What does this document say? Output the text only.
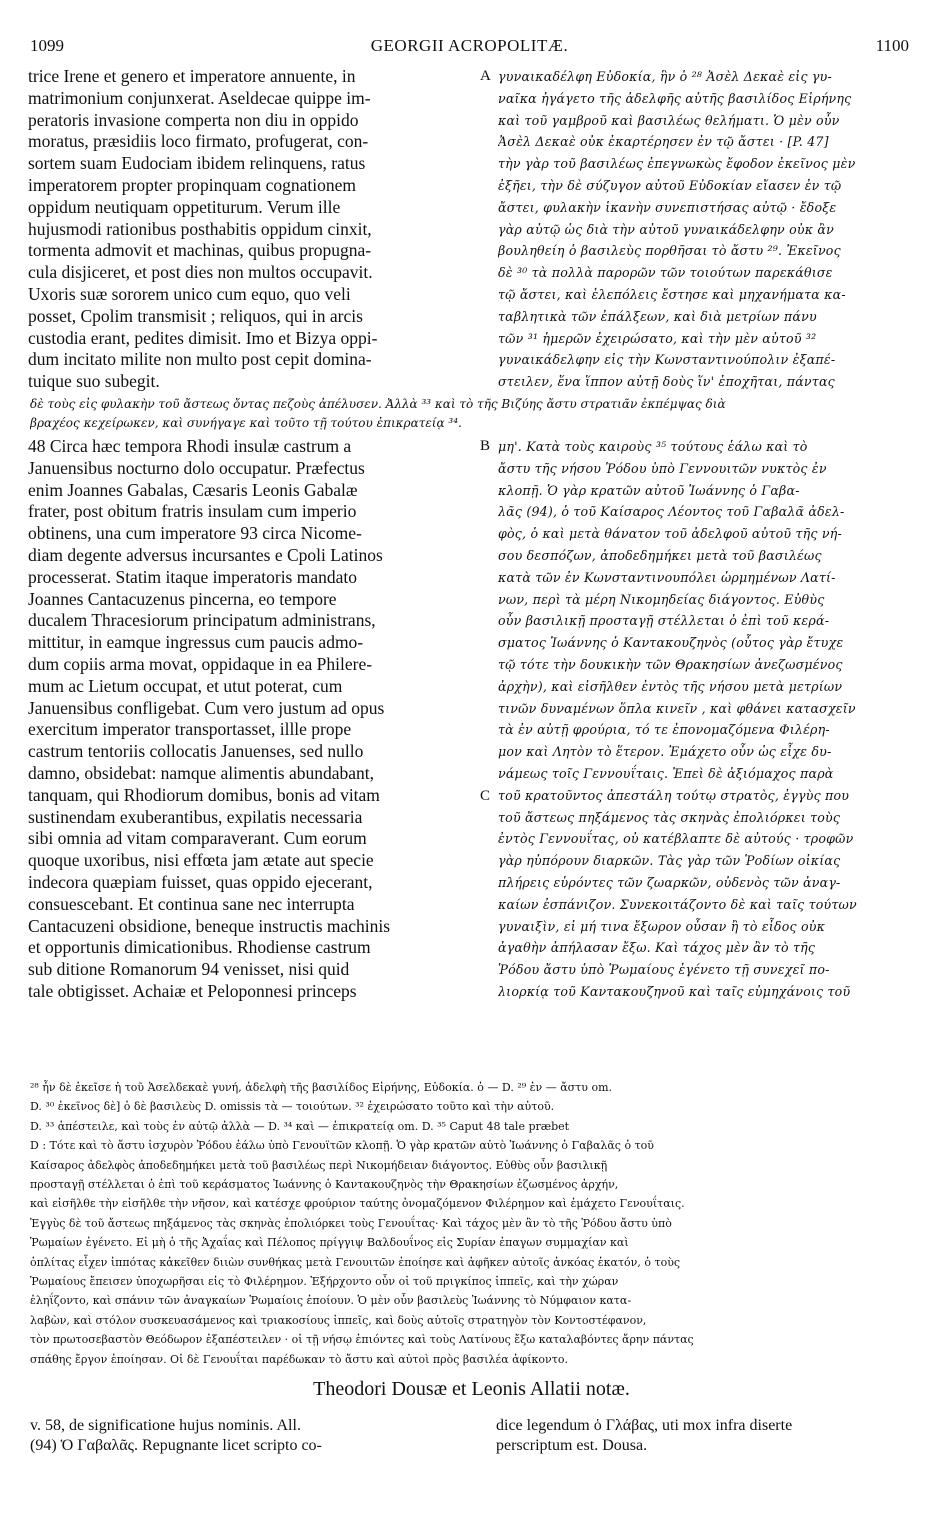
1099	GEORGII ACROPOLITÆ.	1100
trice Irene et genero et imperatore annuente, in
matrimonium conjunxerat. Aseldecae quippe im-
peratoris invasione comperta non diu in oppido
moratus, præsidiis loco firmato, profugerat, con-
sortem suam Eudociam ibidem relinquens, ratus
imperatorem propter propinquam cognationem
oppidum neutiquam oppetiturum. Verum ille
hujusmodi rationibus posthabitis oppidum cinxit,
tormenta admovit et machinas, quibus propugna-
cula disjiceret, et post dies non multos occupavit.
Uxoris suæ sororem unico cum equo, quo veli
posset, Cpolim transmisit ; reliquos, qui in arcis
custodia erant, pedites dimisit. Imo et Bizya oppi-
dum incitato milite non multo post cepit domina-
tuique suo subegit.
γυναικαδέλφη Εὐδοκία, ἣν ὁ ²⁸ Ἀσὲλ Δεκαὲ εἰς γυ-
ναῖκα ἠγάγετο τῆς ἀδελφῆς αὐτῆς βασιλίδος Εἰρήνης
καὶ τοῦ γαμβροῦ καὶ βασιλέως θελήματι. Ὁ μὲν οὖν
Ἀσὲλ Δεκαὲ οὐκ ἐκαρτέρησεν ἐν τῷ ἄστει · [P. 47]
τὴν γὰρ τοῦ βασιλέως ἐπεγνωκὼς ἔφοδον ἐκεῖνος μὲν
ἐξῆει, τὴν δὲ σύζυγον αὐτοῦ Εὐδοκίαν εἴασεν ἐν τῷ
ἄστει, φυλακὴν ἱκανὴν συνεπιστήσας αὐτῷ · ἔδοξε
γὰρ αὐτῷ ὡς διὰ τὴν αὐτοῦ γυναικάδελφην οὐκ ἂν
βουληθείη ὁ βασιλεὺς πορθῆσαι τὸ ἄστυ ²⁹. Ἐκεῖνος
δὲ ³⁰ τὰ πολλὰ παρορῶν τῶν τοιούτων παρεκάθισε
τῷ ἄστει, καὶ ἑλεπόλεις ἔστησε καὶ μηχανήματα κα-
ταβλητικὰ τῶν ἐπάλξεων, καὶ διὰ μετρίων πάνυ
τῶν ³¹ ἡμερῶν ἐχειρώσατο, καὶ τὴν μὲν αὐτοῦ ³²
γυναικάδελφην εἰς τὴν Κωνσταντινούπολιν ἐξαπέ-
στειλεν, ἕνα ἵππον αὐτῇ δοὺς ἵν' ἐποχῆται, πάντας
A
δὲ τοὺς εἰς φυλακὴν τοῦ ἄστεως ὄντας πεζοὺς ἀπέλυσεν. Ἀλλὰ ³³ καὶ τὸ τῆς Βιζύης ἄστυ στρατιᾶν ἐκπέμψας διὰ
βραχέος κεχείρωκεν, καὶ συνήγαγε καὶ τοῦτο τῇ τούτου ἐπικρατείᾳ ³⁴.
48 Circa hæc tempora Rhodi insulæ castrum a
Januensibus nocturno dolo occupatur. Præfectus
enim Joannes Gabalas, Cæsaris Leonis Gabalæ
frater, post obitum fratris insulam cum imperio
obtinens, una cum imperatore 93 circa Nicome-
diam degente adversus incursantes e Cpoli Latinos
processerat. Statim itaque imperatoris mandato
Joannes Cantacuzenus pincerna, eo tempore
ducalem Thracesiorum principatum administrans,
mittitur, in eamque ingressus cum paucis admo-
dum copiis arma movat, oppidaque in ea Philere-
mum ac Lietum occupat, et utut poterat, cum
Januensibus confligebat. Cum vero justum ad opus
exercitum imperator transportasset, illle prope
castrum tentoriis collocatis Januenses, sed nullo
damno, obsidebat: namque alimentis abundabant,
tanquam, qui Rhodiorum domibus, bonis ad vitam
sustinendam exuberantibus, expilatis necessaria
sibi omnia ad vitam comparaverant. Cum eorum
quoque uxoribus, nisi effœta jam ætate aut specie
indecora quæpiam fuisset, quas oppido ejecerant,
consuescebant. Et continua sane nec interrupta
Cantacuzeni obsidione, beneque instructis machinis
et opportunis dimicationibus. Rhodiense castrum
sub ditione Romanorum 94 venisset, nisi quid
tale obtigisset. Achaiæ et Peloponnesi princeps
μη'. Κατὰ τοὺς καιροὺς ³⁵ τούτους ἑάλω καὶ τὸ
ἄστυ τῆς νήσου Ῥόδου ὑπὸ Γεννουιτῶν νυκτὸς ἐν
κλοπῇ. Ὁ γὰρ κρατῶν αὐτοῦ Ἰωάννης ὁ Γαβα-
λᾶς (94), ὁ τοῦ Καίσαρος Λέοντος τοῦ Γαβαλᾶ ἀδελ-
φὸς, ὁ καὶ μετὰ θάνατον τοῦ ἀδελφοῦ αὐτοῦ τῆς νή-
σου δεσπόζων, ἀποδεδημήκει μετὰ τοῦ βασιλέως
κατὰ τῶν ἐν Κωνσταντινουπόλει ὡρμημένων Λατί-
νων, περὶ τὰ μέρη Νικομηδείας διάγοντος. Εὐθὺς
οὖν βασιλικῇ προσταγῇ στέλλεται ὁ ἐπὶ τοῦ κερά-
σματος Ἰωάννης ὁ Καντακουζηνὸς (οὗτος γὰρ ἔτυχε
τῷ τότε τὴν δουκικὴν τῶν Θρακησίων ἀνεζωσμένος
ἀρχὴν), καὶ εἰσῆλθεν ἐντὸς τῆς νήσου μετὰ μετρίων
τινῶν δυναμένων ὅπλα κινεῖν , καὶ φθάνει κατασχεῖν
τὰ ἐν αὐτῇ φρούρια, τό τε ἐπονομαζόμενα Φιλέρη-
μον καὶ Λητὸν τὸ ἕτερον. Ἐμάχετο οὖν ὡς εἶχε δυ-
νάμεως τοῖς Γεννουΐταις. Ἐπεὶ δὲ ἀξιόμαχος παρὰ
τοῦ κρατοῦντος ἀπεστάλη τούτῳ στρατὸς, ἐγγὺς που
τοῦ ἄστεως πηξάμενος τὰς σκηνὰς ἐπολιόρκει τοὺς
ἐντὸς Γεννουΐτας, οὐ κατέβλαπτε δὲ αὐτούς · τροφῶν
γὰρ ηὐπόρουν διαρκῶν. Τὰς γὰρ τῶν Ῥοδίων οἰκίας
πλήρεις εὑρόντες τῶν ζωαρκῶν, οὐδενὸς τῶν ἀναγ-
καίων ἐσπάνιζον. Συνεκοιτάζοντο δὲ καὶ ταῖς τούτων
γυναιξὶν, εἰ μή τινα ἔξωρον οὖσαν ἢ τὸ εἶδος οὐκ
ἀγαθὴν ἀπήλασαν ἔξω. Καὶ τάχος μὲν ἂν τὸ τῆς
Ῥόδου ἄστυ ὑπὸ Ῥωμαίους ἐγένετο τῇ συνεχεῖ πο-
λιορκίᾳ τοῦ Καντακουζηνοῦ καὶ ταῖς εὐμηχάνοις τοῦ
B
C
²⁸ ἦν δὲ ἐκεῖσε ἡ τοῦ Ἀσελδεκαὲ γυνή, ἀδελφὴ τῆς βασιλίδος Εἰρήνης, Εὐδοκία. ὁ — D. ²⁹ ἐν — ἄστυ om.
D. ³⁰ ἐκεῖνος δὲ] ὁ δὲ βασιλεὺς D. omissis τὰ — τοιούτων. ³² ἐχειρώσατο τοῦτο καὶ τὴν αὐτοῦ.
D. ³³ ἀπέστειλε, καὶ τοὺς ἐν αὐτῷ ἀλλὰ — D. ³⁴ καὶ — ἐπικρατείᾳ om. D. ³⁵ Caput 48 tale præbet
D : Τότε καὶ τὸ ἄστυ ἰσχυρὸν Ῥόδου ἑάλω ὑπὸ Γενουϊτῶν κλοπῇ. Ὁ γὰρ κρατῶν αὐτὸ Ἰωάννης ὁ Γαβαλᾶς ὁ τοῦ
Καίσαρος ἀδελφὸς ἀποδεδημήκει μετὰ τοῦ βασιλέως περὶ Νικομήδειαν διάγοντος. Εὐθὺς οὖν βασιλικῇ
προσταγῇ στέλλεται ὁ ἐπὶ τοῦ κεράσματος Ἰωάννης ὁ Καντακουζηνὸς τὴν Θρακησίων ἐζωσμένος ἀρχήν,
καὶ εἰσῆλθε τὴν εἰσῆλθε τὴν νῆσον, καὶ κατέσχε φρούριον ταύτης ὀνομαζόμενον Φιλέρημον καὶ ἐμάχετο Γενουΐταις.
Ἐγγὺς δὲ τοῦ ἄστεως πηξάμενος τὰς σκηνὰς ἐπολιόρκει τοὺς Γενουΐτας· Καὶ τάχος μὲν ἂν τὸ τῆς Ῥόδου ἄστυ ὑπὸ
Ῥωμαίων ἐγένετο. Εἰ μὴ ὁ τῆς Ἀχαΐας καὶ Πέλοπος πρίγγιψ Βαλδουΐνος εἰς Συρίαν ἐπαγων συμμαχίαν καὶ
ὁπλίτας εἶχεν ἱππότας κἀκεῖθεν διιὼν συνθήκας μετὰ Γενουιτῶν ἐποίησε καὶ ἀφῆκεν αὐτοῖς ἀνκόας ἑκατόν, ὁ τοὺς
Ῥωμαίους ἔπεισεν ὑποχωρῆσαι εἰς τὸ Φιλέρημον. Ἐξήρχοντο οὖν οἱ τοῦ πριγκίπος ἱππεῖς, καὶ τὴν χώραν
ἐληΐζοντο, καὶ σπάνιν τῶν ἀναγκαίων Ῥωμαίοις ἐποίουν. Ὁ μὲν οὖν βασιλεὺς Ἰωάννης τὸ Νύμφαιον κατα-
λαβὼν, καὶ στόλον συσκευασάμενος καὶ τριακοσίους ἱππεῖς, καὶ δοὺς αὐτοῖς στρατηγὸν τὸν Κοντοστέφανον,
τὸν πρωτοσεβαστὸν Θεόδωρον ἐξαπέστειλεν · οἱ τῇ νήσῳ ἐπιόντες καὶ τοὺς Λατίνους ἔξω καταλαβόντες ἄρην πάντας
σπάθης ἔργον ἐποίησαν. Οἱ δὲ Γενουΐται παρέδωκαν τὸ ἄστυ καὶ αὐτοὶ πρὸς βασιλέα ἀφίκοντο.
Theodori Dousæ et Leonis Allatii notæ.
v. 58, de significatione hujus nominis. All.
(94) Ὁ Γαβαλᾶς. Repugnante licet scripto co-
dice legendum ὁ Γλάβας, uti mox infra diserte
perscriptum est. Dousa.
